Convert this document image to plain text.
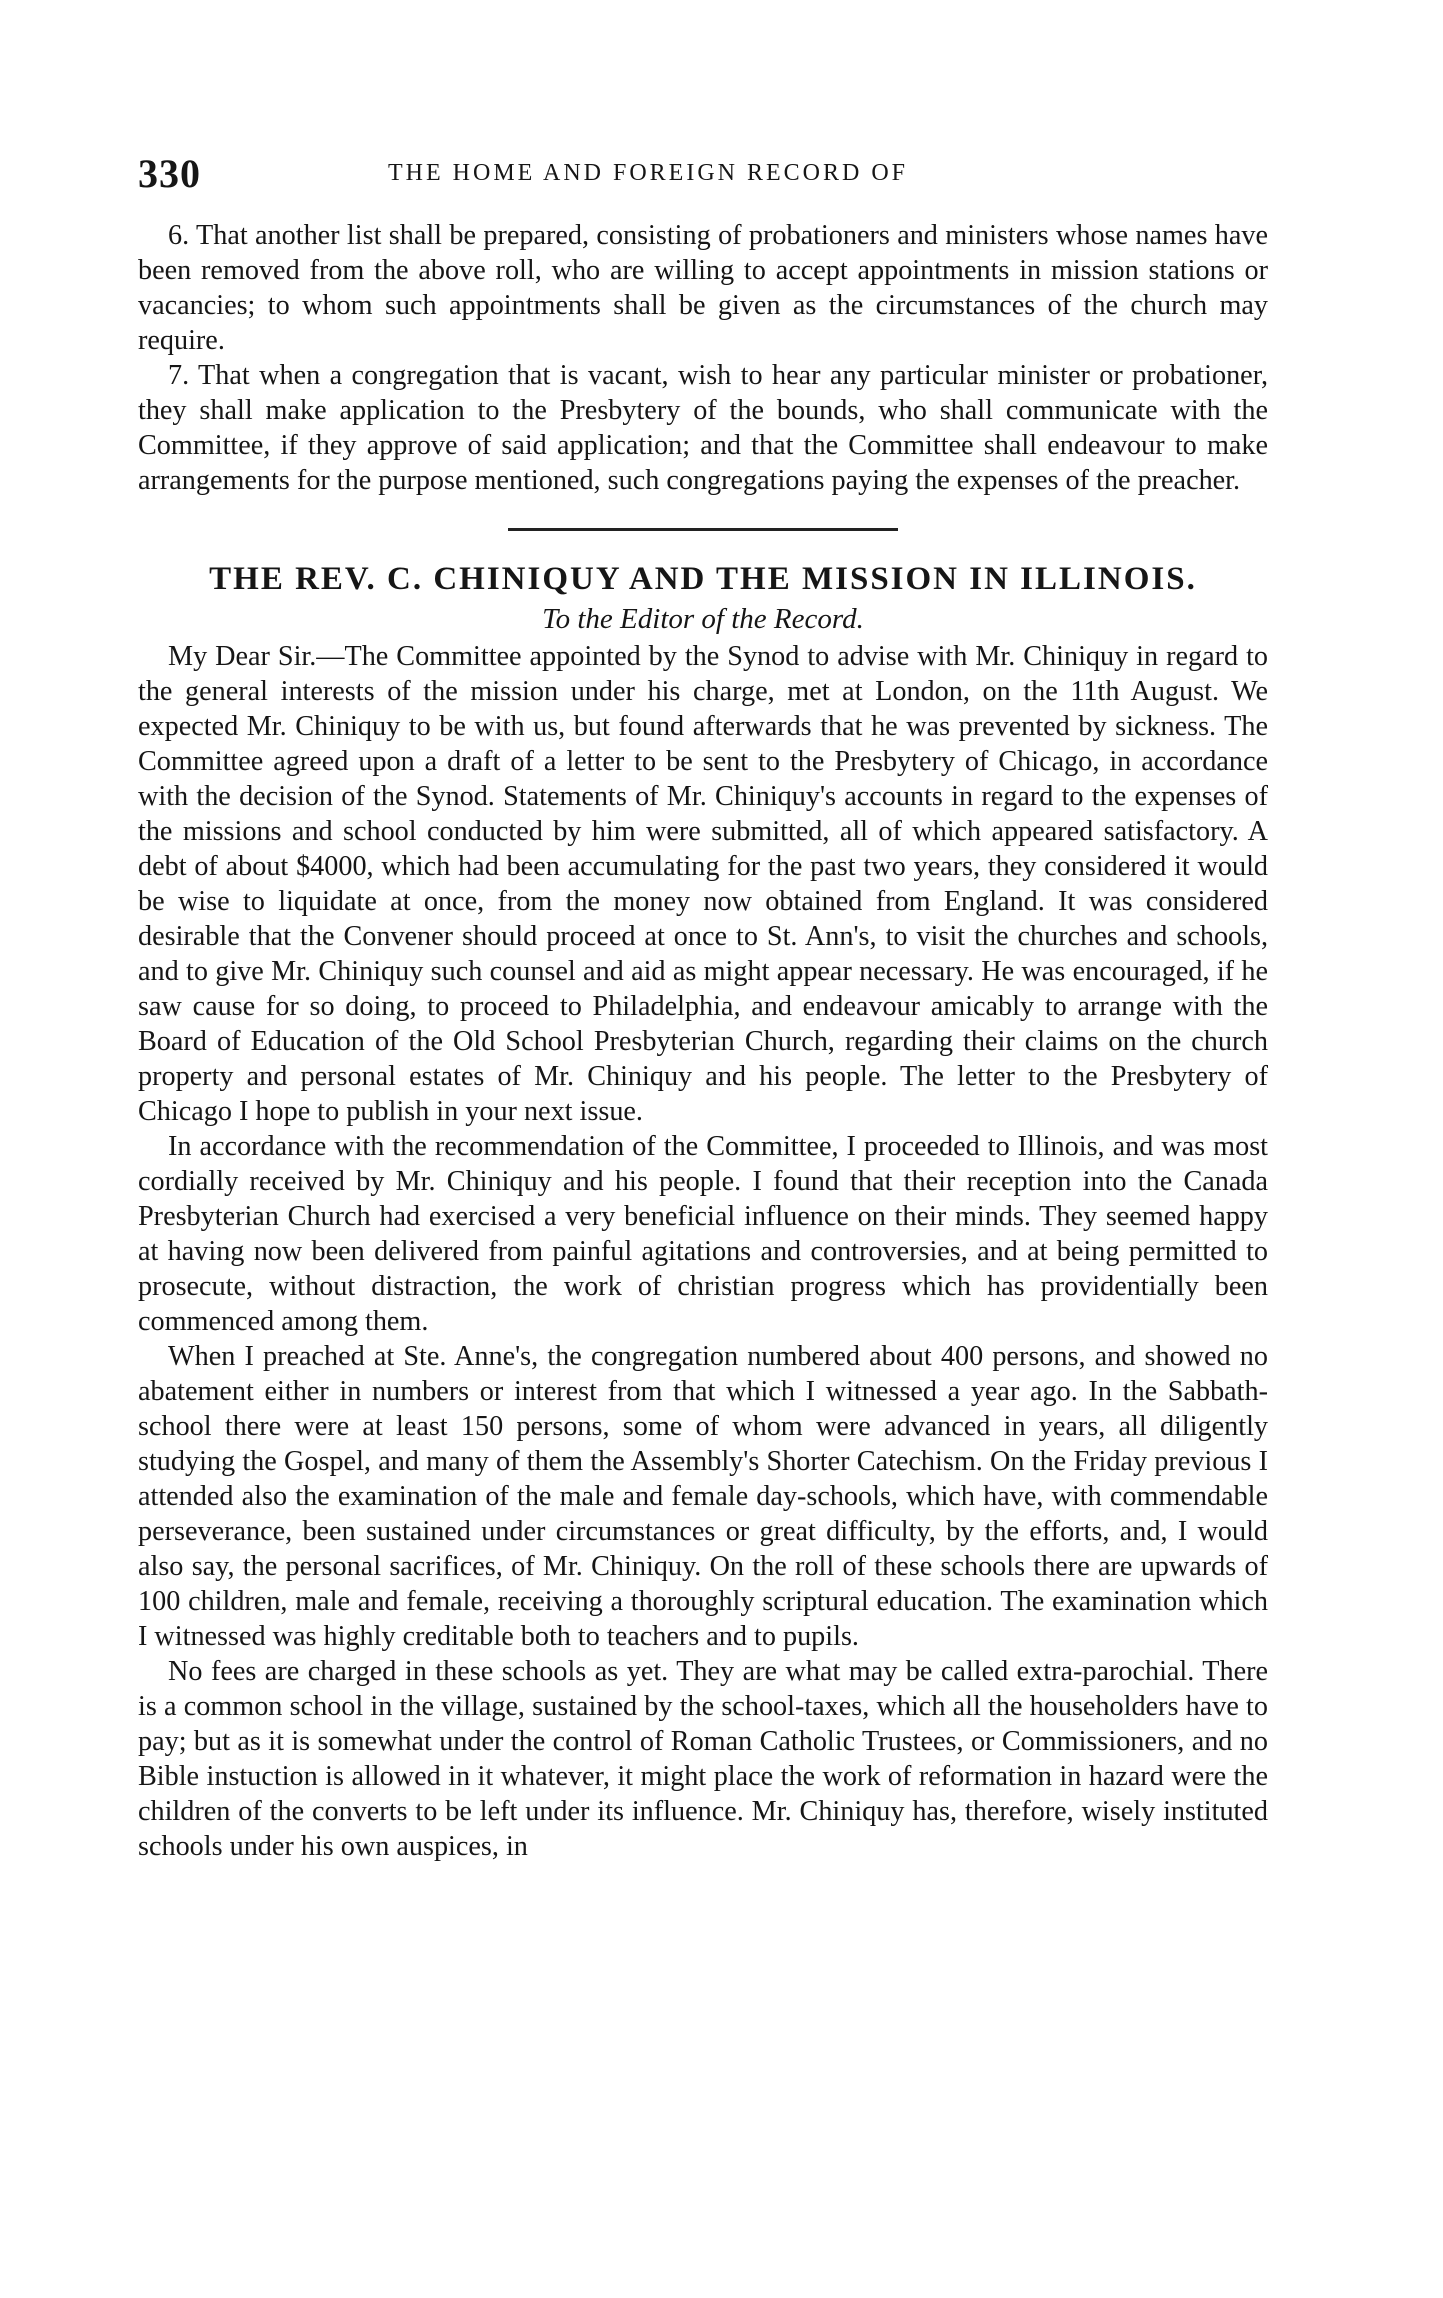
330	THE HOME AND FOREIGN RECORD OF

6. That another list shall be prepared, consisting of probationers and ministers whose names have been removed from the above roll, who are willing to accept appointments in mission stations or vacancies; to whom such appointments shall be given as the circumstances of the church may require.

7. That when a congregation that is vacant, wish to hear any particular minister or probationer, they shall make application to the Presbytery of the bounds, who shall communicate with the Committee, if they approve of said application; and that the Committee shall endeavour to make arrangements for the purpose mentioned, such congregations paying the expenses of the preacher.

THE REV. C. CHINIQUY AND THE MISSION IN ILLINOIS.
To the Editor of the Record.

My Dear Sir.—The Committee appointed by the Synod to advise with Mr. Chiniquy in regard to the general interests of the mission under his charge, met at London, on the 11th August. We expected Mr. Chiniquy to be with us, but found afterwards that he was prevented by sickness. The Committee agreed upon a draft of a letter to be sent to the Presbytery of Chicago, in accordance with the decision of the Synod. Statements of Mr. Chiniquy's accounts in regard to the expenses of the missions and school conducted by him were submitted, all of which appeared satisfactory. A debt of about $4000, which had been accumulating for the past two years, they considered it would be wise to liquidate at once, from the money now obtained from England. It was considered desirable that the Convener should proceed at once to St. Ann's, to visit the churches and schools, and to give Mr. Chiniquy such counsel and aid as might appear necessary. He was encouraged, if he saw cause for so doing, to proceed to Philadelphia, and endeavour amicably to arrange with the Board of Education of the Old School Presbyterian Church, regarding their claims on the church property and personal estates of Mr. Chiniquy and his people. The letter to the Presbytery of Chicago I hope to publish in your next issue.

In accordance with the recommendation of the Committee, I proceeded to Illinois, and was most cordially received by Mr. Chiniquy and his people. I found that their reception into the Canada Presbyterian Church had exercised a very beneficial influence on their minds. They seemed happy at having now been delivered from painful agitations and controversies, and at being permitted to prosecute, without distraction, the work of christian progress which has providentially been commenced among them.

When I preached at Ste. Anne's, the congregation numbered about 400 persons, and showed no abatement either in numbers or interest from that which I witnessed a year ago. In the Sabbath-school there were at least 150 persons, some of whom were advanced in years, all diligently studying the Gospel, and many of them the Assembly's Shorter Catechism. On the Friday previous I attended also the examination of the male and female day-schools, which have, with commendable perseverance, been sustained under circumstances or great difficulty, by the efforts, and, I would also say, the personal sacrifices, of Mr. Chiniquy. On the roll of these schools there are upwards of 100 children, male and female, receiving a thoroughly scriptural education. The examination which I witnessed was highly creditable both to teachers and to pupils.

No fees are charged in these schools as yet. They are what may be called extra-parochial. There is a common school in the village, sustained by the school-taxes, which all the householders have to pay; but as it is somewhat under the control of Roman Catholic Trustees, or Commissioners, and no Bible instuction is allowed in it whatever, it might place the work of reformation in hazard were the children of the converts to be left under its influence. Mr. Chiniquy has, therefore, wisely instituted schools under his own auspices, in
